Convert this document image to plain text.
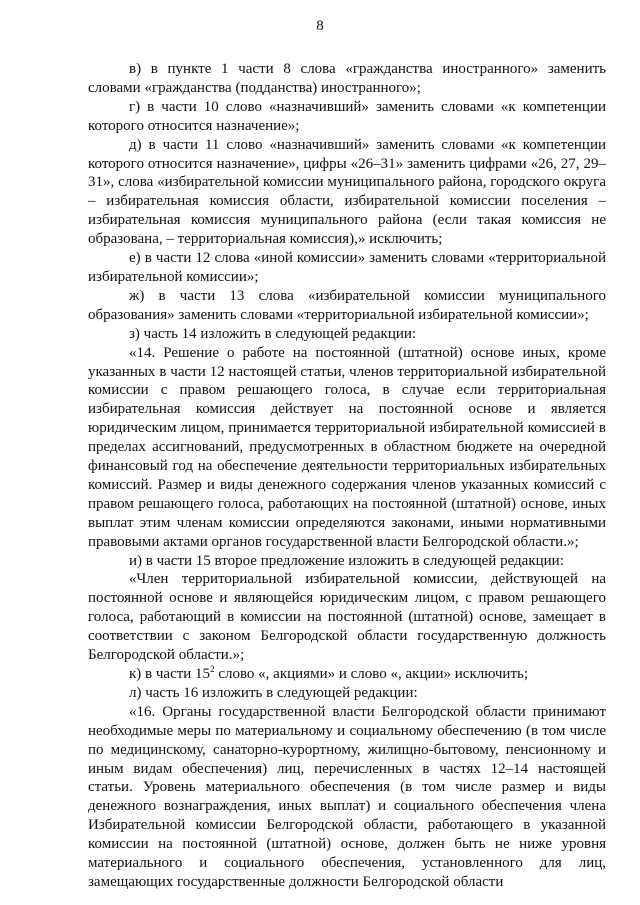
8

в) в пункте 1 части 8 слова «гражданства иностранного» заменить словами «гражданства (подданства) иностранного»;

г) в части 10 слово «назначивший» заменить словами «к компетенции которого относится назначение»;

д) в части 11 слово «назначивший» заменить словами «к компетенции которого относится назначение», цифры «26–31» заменить цифрами «26, 27, 29–31», слова «избирательной комиссии муниципального района, городского округа – избирательная комиссия области, избирательной комиссии поселения – избирательная комиссия муниципального района (если такая комиссия не образована, – территориальная комиссия),» исключить;

е) в части 12 слова «иной комиссии» заменить словами «территориальной избирательной комиссии»;

ж) в части 13 слова «избирательной комиссии муниципального образования» заменить словами «территориальной избирательной комиссии»;

з) часть 14 изложить в следующей редакции:

«14. Решение о работе на постоянной (штатной) основе иных, кроме указанных в части 12 настоящей статьи, членов территориальной избирательной комиссии с правом решающего голоса, в случае если территориальная избирательная комиссия действует на постоянной основе и является юридическим лицом, принимается территориальной избирательной комиссией в пределах ассигнований, предусмотренных в областном бюджете на очередной финансовый год на обеспечение деятельности территориальных избирательных комиссий. Размер и виды денежного содержания членов указанных комиссий с правом решающего голоса, работающих на постоянной (штатной) основе, иных выплат этим членам комиссии определяются законами, иными нормативными правовыми актами органов государственной власти Белгородской области.»;

и) в части 15 второе предложение изложить в следующей редакции:

«Член территориальной избирательной комиссии, действующей на постоянной основе и являющейся юридическим лицом, с правом решающего голоса, работающий в комиссии на постоянной (штатной) основе, замещает в соответствии с законом Белгородской области государственную должность Белгородской области.»;

к) в части $15^2$ слово «, акциями» и слово «, акции» исключить;

л) часть 16 изложить в следующей редакции:

«16. Органы государственной власти Белгородской области принимают необходимые меры по материальному и социальному обеспечению (в том числе по медицинскому, санаторно-курортному, жилищно-бытовому, пенсионному и иным видам обеспечения) лиц, перечисленных в частях 12–14 настоящей статьи. Уровень материального обеспечения (в том числе размер и виды денежного вознаграждения, иных выплат) и социального обеспечения члена Избирательной комиссии Белгородской области, работающего в указанной комиссии на постоянной (штатной) основе, должен быть не ниже уровня материального и социального обеспечения, установленного для лиц, замещающих государственные должности Белгородской области
